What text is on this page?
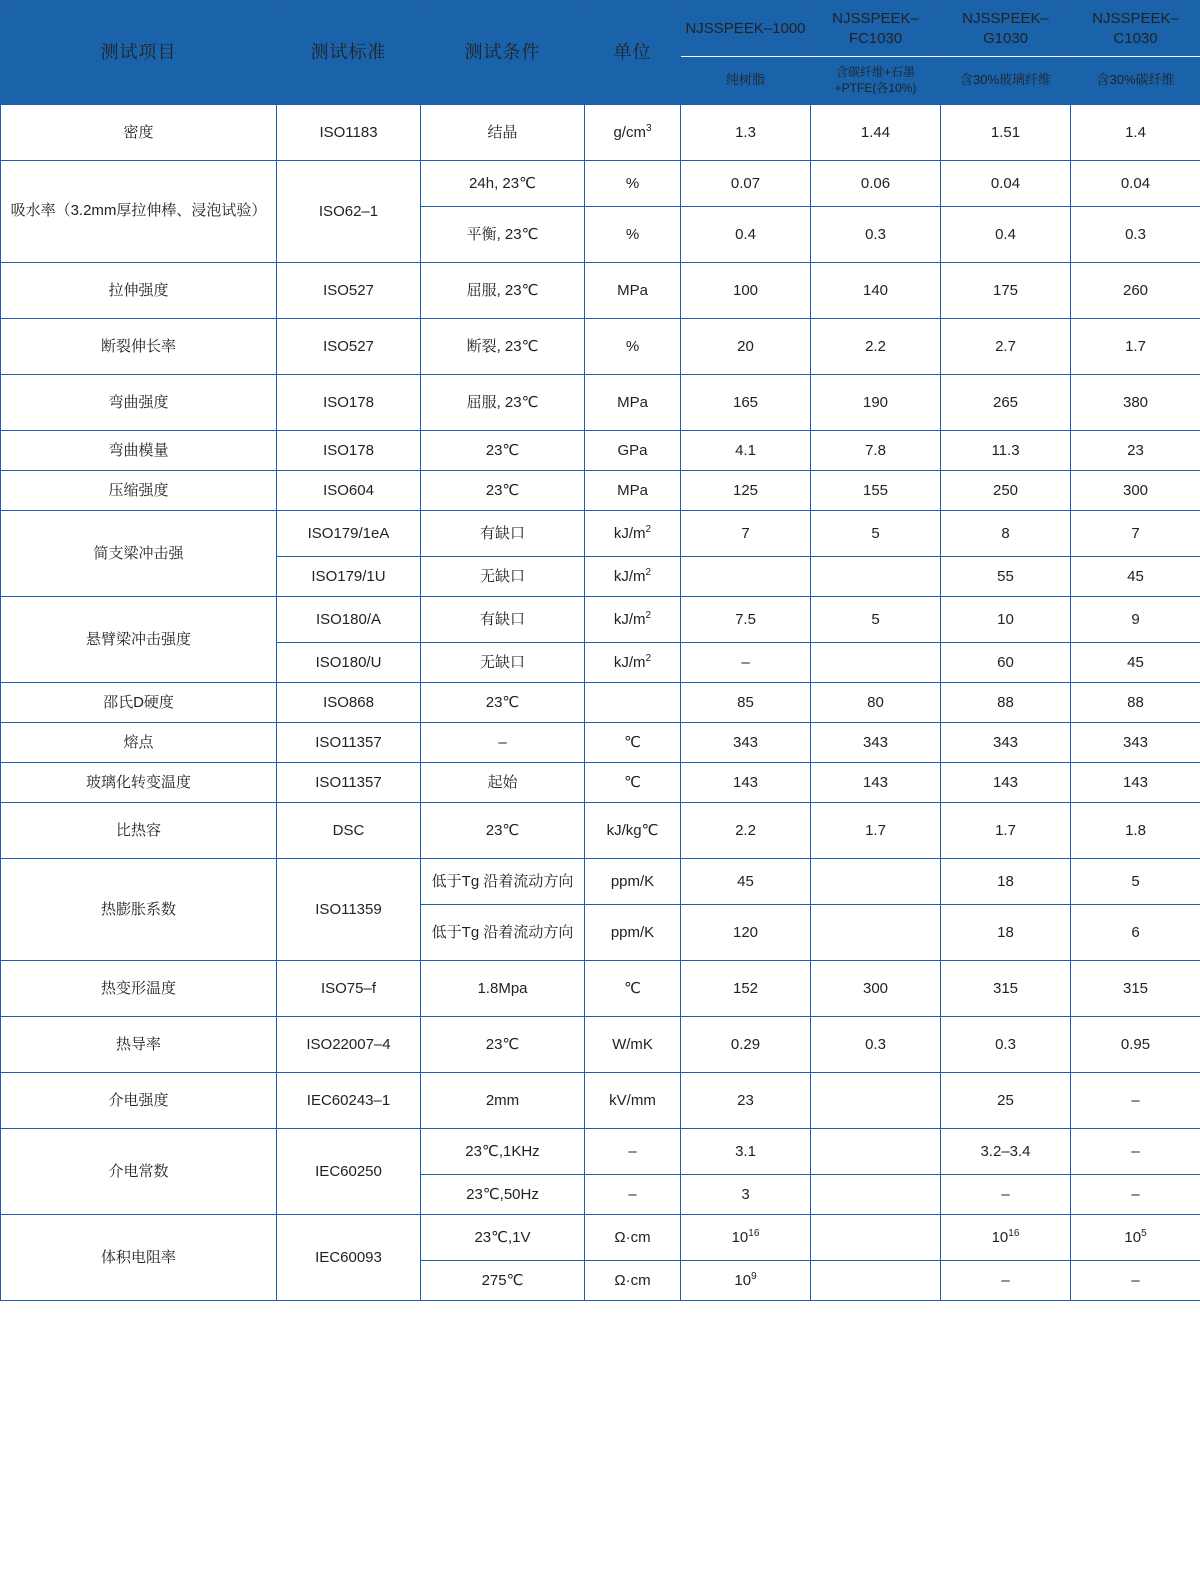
测试项目	测试标准	测试条件	单位	NJSSPEEK–1000	NJSSPEEK–FC1030	NJSSPEEK–G1030	NJSSPEEK–C1030
				纯树脂	含碳纤维+石墨+PTFE(各10%)	含30%玻璃纤维	含30%碳纤维
密度	ISO1183	结晶	$g/cm^3$	1.3	1.44	1.51	1.4
吸水率（3.2mm厚拉伸棒、浸泡试验）	ISO62–1	24h, 23℃	%	0.07	0.06	0.04	0.04
		平衡, 23℃	%	0.4	0.3	0.4	0.3
拉伸强度	ISO527	屈服, 23℃	MPa	100	140	175	260
断裂伸长率	ISO527	断裂, 23℃	%	20	2.2	2.7	1.7
弯曲强度	ISO178	屈服, 23℃	MPa	165	190	265	380
弯曲模量	ISO178	23℃	GPa	4.1	7.8	11.3	23
压缩强度	ISO604	23℃	MPa	125	155	250	300
简支梁冲击强	ISO179/1eA	有缺口	$kJ/m^2$	7	5	8	7
	ISO179/1U	无缺口	$kJ/m^2$			55	45
悬臂梁冲击强度	ISO180/A	有缺口	$kJ/m^2$	7.5	5	10	9
	ISO180/U	无缺口	$kJ/m^2$	–		60	45
邵氏D硬度	ISO868	23℃		85	80	88	88
熔点	ISO11357	–	℃	343	343	343	343
玻璃化转变温度	ISO11357	起始	℃	143	143	143	143
比热容	DSC	23℃	kJ/kg℃	2.2	1.7	1.7	1.8
热膨胀系数	ISO11359	低于Tg 沿着流动方向	ppm/K	45		18	5
		低于Tg 沿着流动方向	ppm/K	120		18	6
热变形温度	ISO75–f	1.8Mpa	℃	152	300	315	315
热导率	ISO22007–4	23℃	W/mK	0.29	0.3	0.3	0.95
介电强度	IEC60243–1	2mm	kV/mm	23		25	–
介电常数	IEC60250	23℃,1KHz	–	3.1		3.2–3.4	–
		23℃,50Hz	–	3		–	–
体积电阻率	IEC60093	23℃,1V	Ω·cm	$10^{16}$		$10^{16}$	$10^5$
		275℃	Ω·cm	$10^9$		–	–
